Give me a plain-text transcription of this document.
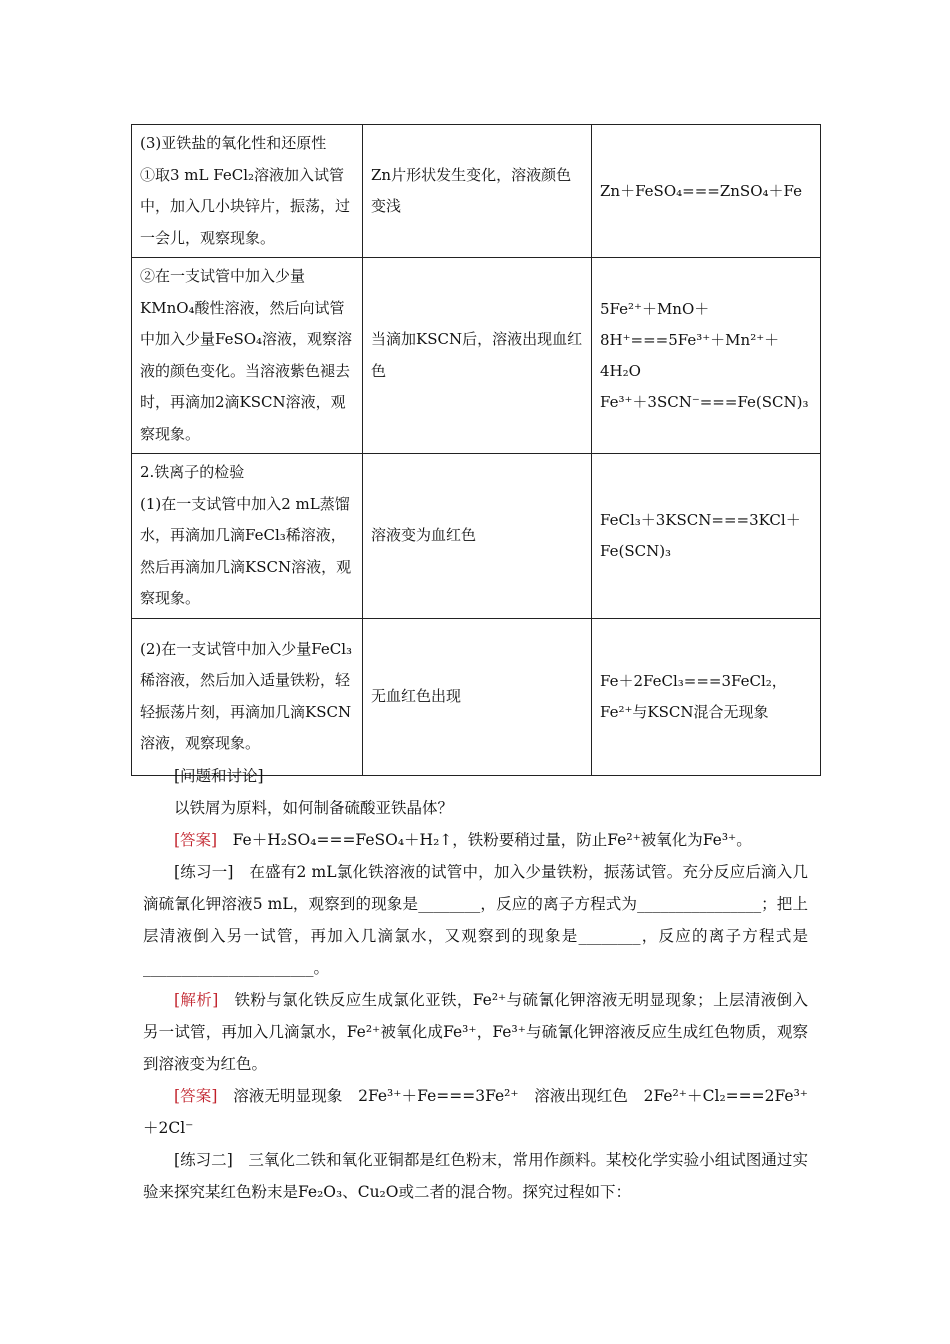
(3)亚铁盐的氧化性和还原性
①取3 mL FeCl₂溶液加入试管中，加入几小块锌片，振荡，过一会儿，观察现象。	Zn片形状发生变化，溶液颜色变浅	Zn＋FeSO₄===ZnSO₄＋Fe

②在一支试管中加入少量KMnO₄酸性溶液，然后向试管中加入少量FeSO₄溶液，观察溶液的颜色变化。当溶液紫色褪去时，再滴加2滴KSCN溶液，观察现象。	当滴加KSCN后，溶液出现血红色	5Fe²⁺＋MnO＋8H⁺===5Fe³⁺＋Mn²⁺＋4H₂O
Fe³⁺＋3SCN⁻===Fe(SCN)₃

2.铁离子的检验
(1)在一支试管中加入2 mL蒸馏水，再滴加几滴FeCl₃稀溶液，然后再滴加几滴KSCN溶液，观察现象。	溶液变为血红色	FeCl₃＋3KSCN===3KCl＋Fe(SCN)₃

(2)在一支试管中加入少量FeCl₃稀溶液，然后加入适量铁粉，轻轻振荡片刻，再滴加几滴KSCN溶液，观察现象。	无血红色出现	Fe＋2FeCl₃===3FeCl₂，Fe²⁺与KSCN混合无现象

[问题和讨论]

以铁屑为原料，如何制备硫酸亚铁晶体？

[答案]　 Fe＋H₂SO₄===FeSO₄＋H₂↑，铁粉要稍过量，防止Fe²⁺被氧化为Fe³⁺。

[练习一]　 在盛有2 mL氯化铁溶液的试管中，加入少量铁粉，振荡试管。充分反应后滴入几滴硫氰化钾溶液5 mL，观察到的现象是________，反应的离子方程式为________________；把上层清液倒入另一试管，再加入几滴氯水，又观察到的现象是________，反应的离子方程式是______________________。

[解析]　 铁粉与氯化铁反应生成氯化亚铁，Fe²⁺与硫氰化钾溶液无明显现象；上层清液倒入另一试管，再加入几滴氯水，Fe²⁺被氧化成Fe³⁺，Fe³⁺与硫氰化钾溶液反应生成红色物质，观察到溶液变为红色。

[答案]　 溶液无明显现象　2Fe³⁺＋Fe===3Fe²⁺　溶液出现红色　2Fe²⁺＋Cl₂===2Fe³⁺＋2Cl⁻

[练习二]　 三氧化二铁和氧化亚铜都是红色粉末，常用作颜料。某校化学实验小组试图通过实验来探究某红色粉末是Fe₂O₃、Cu₂O或二者的混合物。探究过程如下：
